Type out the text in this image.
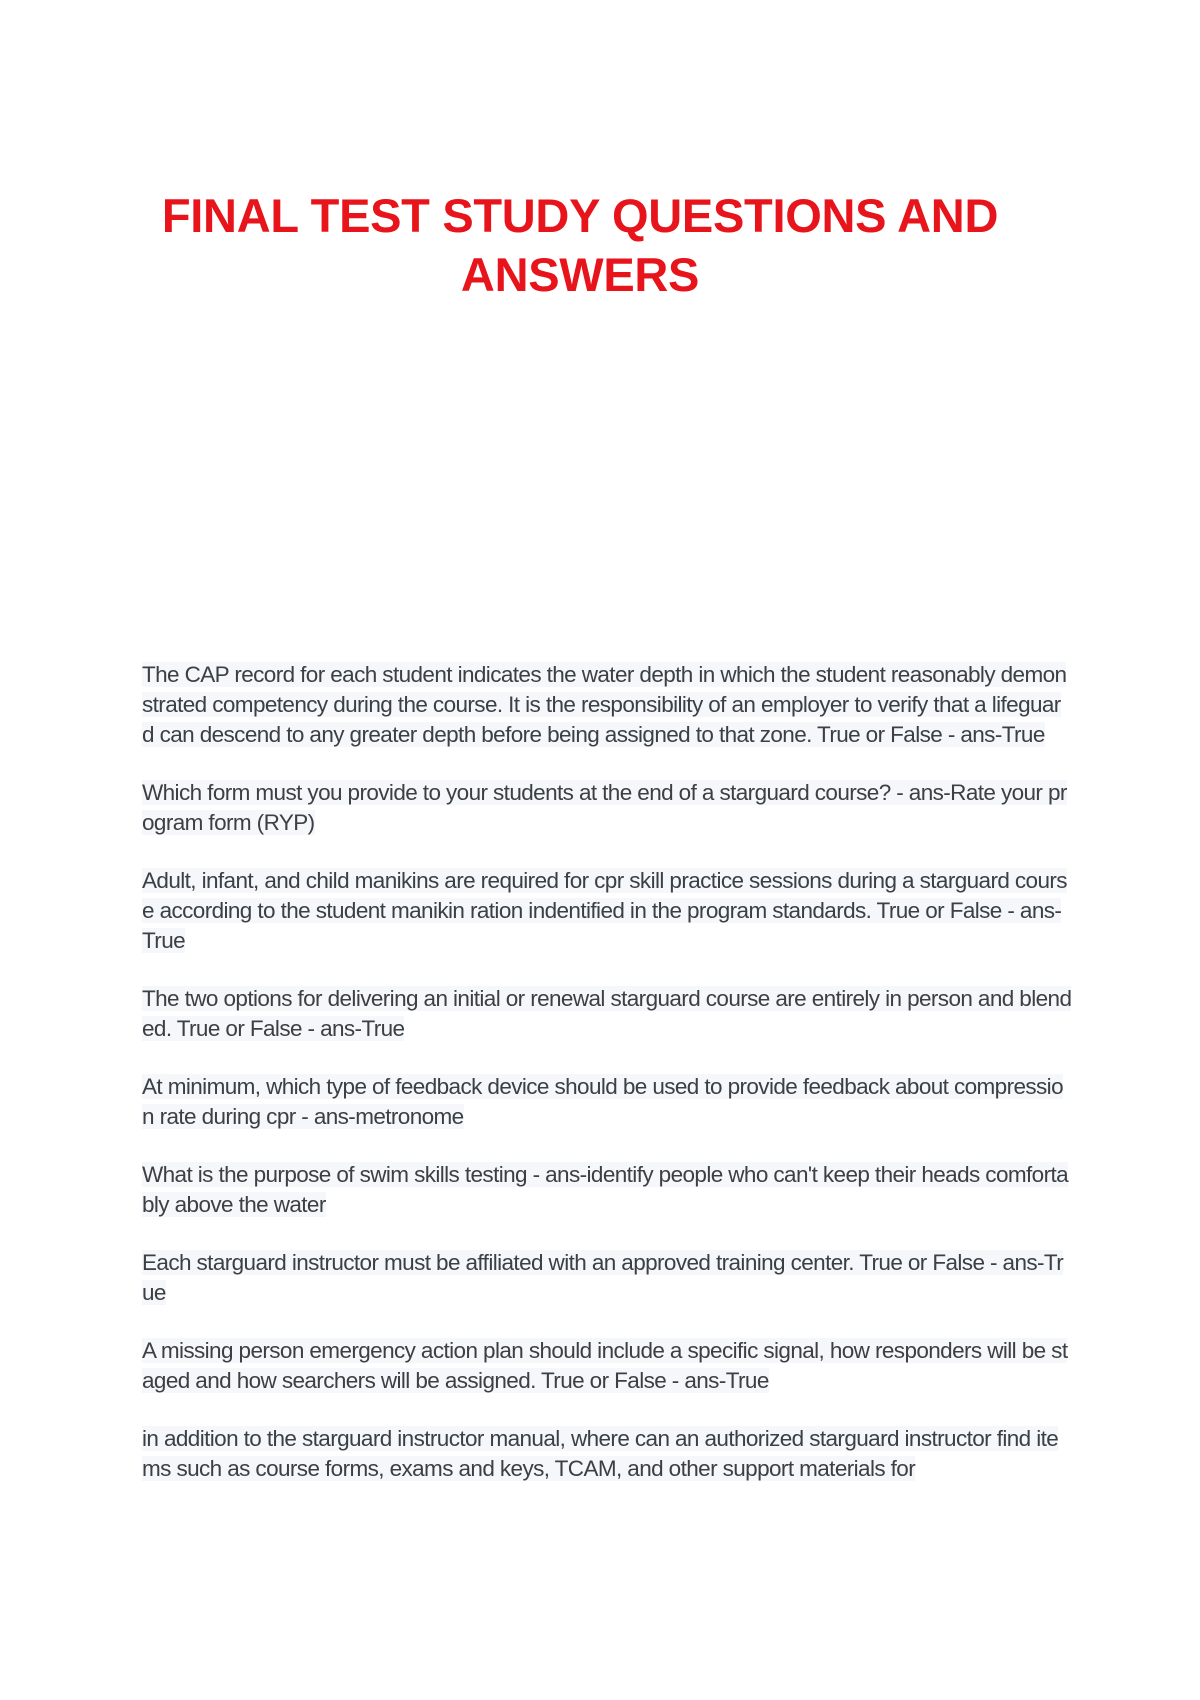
FINAL TEST STUDY QUESTIONS AND ANSWERS

The CAP record for each student indicates the water depth in which the student reasonably demonstrated competency during the course. It is the responsibility of an employer to verify that a lifeguard can descend to any greater depth before being assigned to that zone. True or False - ans-True

Which form must you provide to your students at the end of a starguard course? - ans-Rate your program form (RYP)

Adult, infant, and child manikins are required for cpr skill practice sessions during a starguard course according to the student manikin ration indentified in the program standards. True or False - ans-True

The two options for delivering an initial or renewal starguard course are entirely in person and blended. True or False - ans-True

At minimum, which type of feedback device should be used to provide feedback about compression rate during cpr - ans-metronome

What is the purpose of swim skills testing - ans-identify people who can't keep their heads comfortably above the water

Each starguard instructor must be affiliated with an approved training center. True or False - ans-True

A missing person emergency action plan should include a specific signal, how responders will be staged and how searchers will be assigned. True or False - ans-True

in addition to the starguard instructor manual, where can an authorized starguard instructor find items such as course forms, exams and keys, TCAM, and other support materials for
